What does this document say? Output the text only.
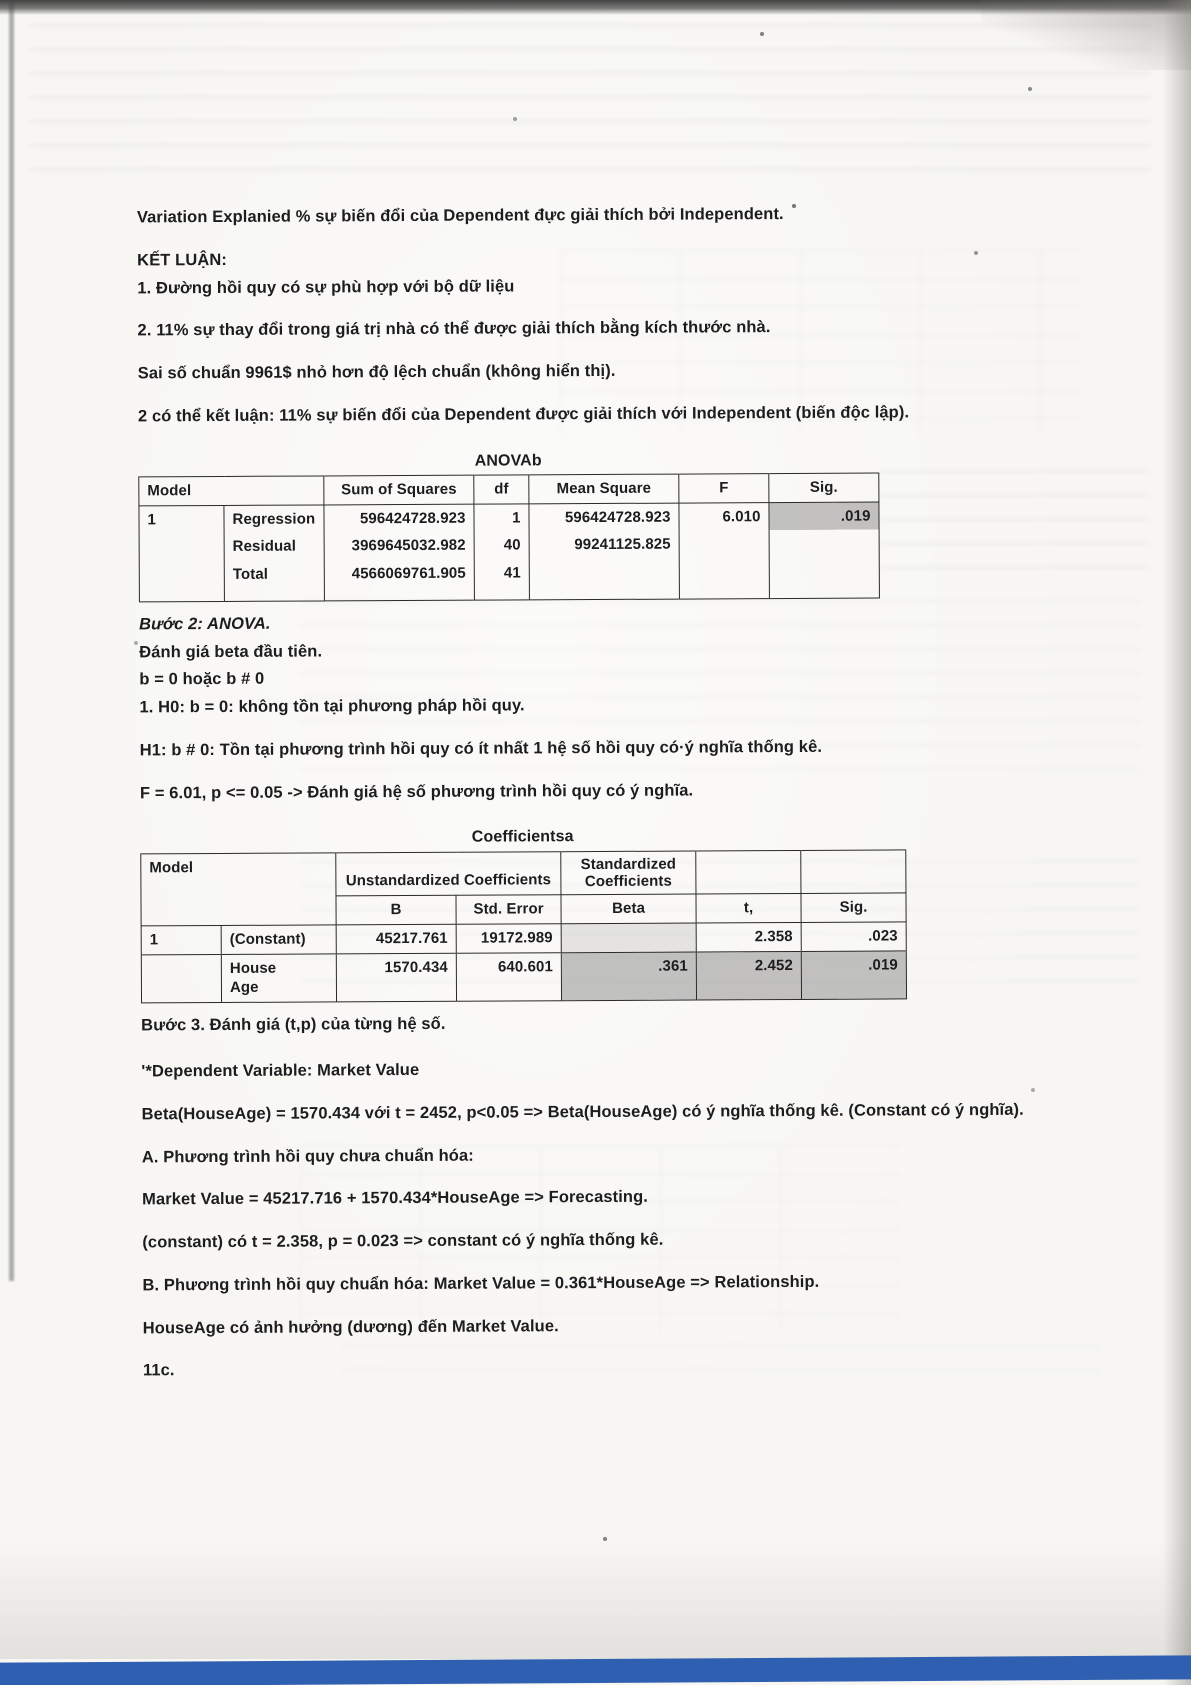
Variation Explanied % sự biến đổi của Dependent đực giải thích bởi Independent.

KẾT LUẬN:

1. Đường hồi quy có sự phù hợp với bộ dữ liệu

2. 11% sự thay đổi trong giá trị nhà có thể được giải thích bằng kích thước nhà.

Sai số chuẩn 9961$ nhỏ hơn độ lệch chuẩn (không hiển thị).

2 có thể kết luận: 11% sự biến đổi của Dependent được giải thích với Independent (biến độc lập).

ANOVAb
Model		Sum of Squares	df	Mean Square	F	Sig.
1	Regression	596424728.923	1	596424728.923	6.010	.019
	Residual	3969645032.982	40	99241125.825		
	Total	4566069761.905	41			

Bước 2: ANOVA.

Đánh giá beta đầu tiên.

b = 0 hoặc b # 0

1. H0: b = 0: không tồn tại phương pháp hồi quy.

H1: b # 0: Tồn tại phương trình hồi quy có ít nhất 1 hệ số hồi quy có·ý nghĩa thống kê.

F = 6.01, p <= 0.05 -> Đánh giá hệ số phương trình hồi quy có ý nghĩa.

Coefficientsa
Model		Unstandardized Coefficients		Standardized Coefficients		
		B	Std. Error	Beta	t,	Sig.
1	(Constant)	45217.761	19172.989		2.358	.023
	House Age	1570.434	640.601	.361	2.452	.019

Bước 3. Đánh giá (t,p) của từng hệ số.

'*Dependent Variable: Market Value

Beta(HouseAge) = 1570.434 với t = 2452, p<0.05 => Beta(HouseAge) có ý nghĩa thống kê. (Constant có ý nghĩa).

A. Phương trình hồi quy chưa chuẩn hóa:

Market Value = 45217.716 + 1570.434*HouseAge => Forecasting.

(constant) có t = 2.358, p = 0.023 => constant có ý nghĩa thống kê.

B. Phương trình hồi quy chuẩn hóa: Market Value = 0.361*HouseAge => Relationship.

HouseAge có ảnh hưởng (dương) đến Market Value.

11c.
